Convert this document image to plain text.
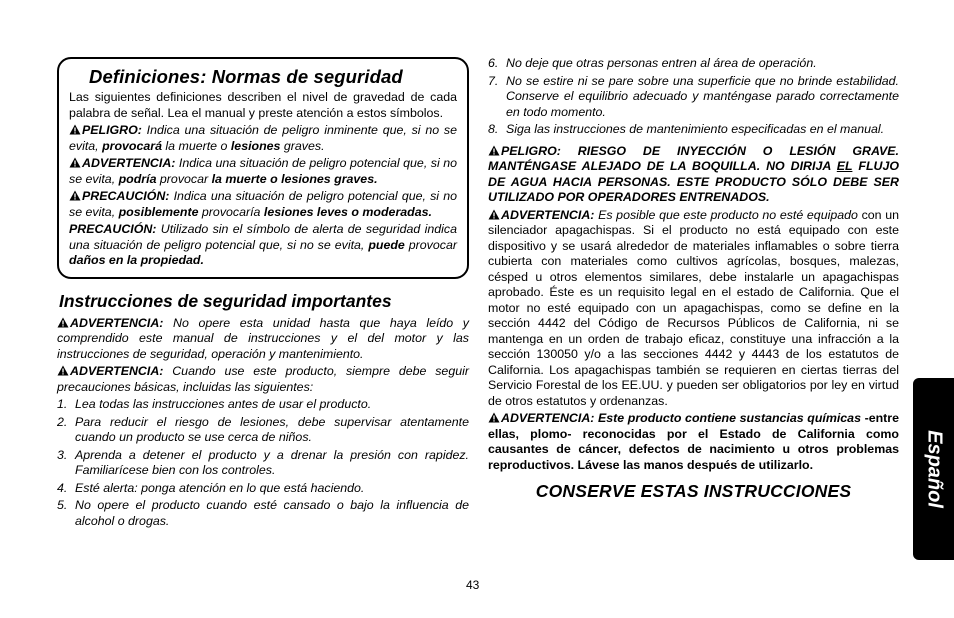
Definiciones: Normas de seguridad

Las siguientes definiciones describen el nivel de gravedad de cada palabra de señal. Lea el manual y preste atención a estos símbolos.

PELIGRO: Indica una situación de peligro inminente que, si no se evita, provocará la muerte o lesiones graves.

ADVERTENCIA: Indica una situación de peligro potencial que, si no se evita, podría provocar la muerte o lesiones graves.

PRECAUCIÓN: Indica una situación de peligro potencial que, si no se evita, posiblemente provocaría lesiones leves o moderadas.

PRECAUCIÓN: Utilizado sin el símbolo de alerta de seguridad indica una situación de peligro potencial que, si no se evita, puede provocar daños en la propiedad.

Instrucciones de seguridad importantes

ADVERTENCIA: No opere esta unidad hasta que haya leído y comprendido este manual de instrucciones y el del motor y las instrucciones de seguridad, operación y mantenimiento.

ADVERTENCIA: Cuando use este producto, siempre debe seguir precauciones básicas, incluidas las siguientes:

1. Lea todas las instrucciones antes de usar el producto.
2. Para reducir el riesgo de lesiones, debe supervisar atentamente cuando un producto se use cerca de niños.
3. Aprenda a detener el producto y a drenar la presión con rapidez. Familiarícese bien con los controles.
4. Esté alerta: ponga atención en lo que está haciendo.
5. No opere el producto cuando esté cansado o bajo la influencia de alcohol o drogas.
6. No deje que otras personas entren al área de operación.
7. No se estire ni se pare sobre una superficie que no brinde estabilidad. Conserve el equilibrio adecuado y manténgase parado correctamente en todo momento.
8. Siga las instrucciones de mantenimiento especificadas en el manual.

PELIGRO: RIESGO DE INYECCIÓN O LESIÓN GRAVE. MANTÉNGASE ALEJADO DE LA BOQUILLA. NO DIRIJA EL FLUJO DE AGUA HACIA PERSONAS. ESTE PRODUCTO SÓLO DEBE SER UTILIZADO POR OPERADORES ENTRENADOS.

ADVERTENCIA: Es posible que este producto no esté equipado con un silenciador apagachispas. Si el producto no está equipado con este dispositivo y se usará alrededor de materiales inflamables o sobre tierra cubierta con materiales como cultivos agrícolas, bosques, malezas, césped u otros elementos similares, debe instalarle un apagachispas aprobado. Éste es un requisito legal en el estado de California. Que el motor no esté equipado con un apagachispas, como se define en la sección 4442 del Código de Recursos Públicos de California, ni se mantenga en un orden de trabajo eficaz, constituye una infracción a la sección 130050 y/o a las secciones 4442 y 4443 de los estatutos de California. Los apagachispas también se requieren en ciertas tierras del Servicio Forestal de los EE.UU. y pueden ser obligatorios por ley en virtud de otros estatutos y ordenanzas.

ADVERTENCIA: Este producto contiene sustancias químicas -entre ellas, plomo- reconocidas por el Estado de California como causantes de cáncer, defectos de nacimiento u otros problemas reproductivos. Lávese las manos después de utilizarlo.

CONSERVE ESTAS INSTRUCCIONES
43
Español
